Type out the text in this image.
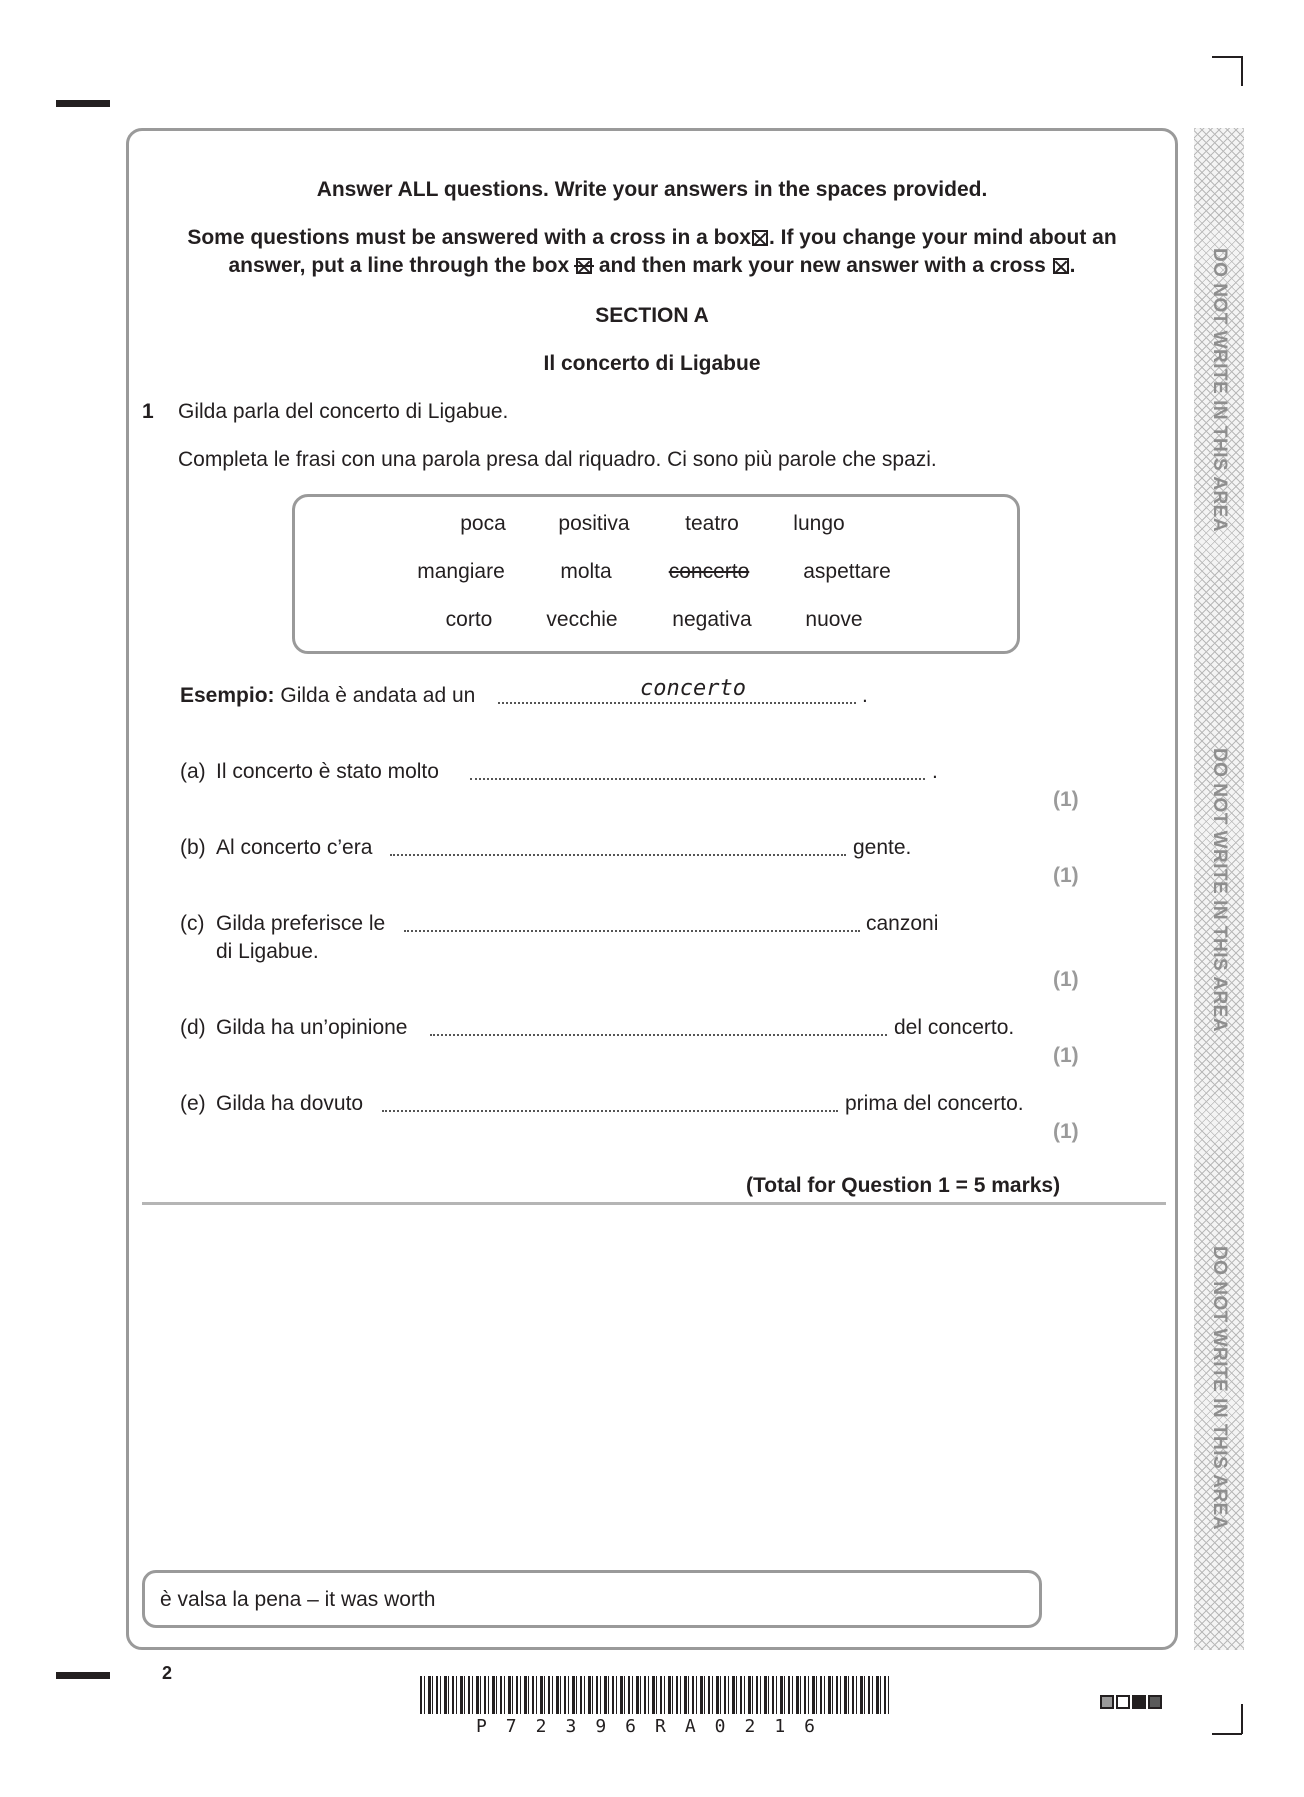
DO NOT WRITE IN THIS AREA
DO NOT WRITE IN THIS AREA
DO NOT WRITE IN THIS AREA
Answer ALL questions. Write your answers in the spaces provided.
Some questions must be answered with a cross in a box☒. If you change your mind about an
answer, put a line through the box and then mark your new answer with a cross ☒.
SECTION A
Il concerto di Ligabue
1 Gilda parla del concerto di Ligabue.
Completa le frasi con una parola presa dal riquadro. Ci sono più parole che spazi.
poca	positiva	teatro	lungo
mangiare	molta	concerto	aspettare
corto	vecchie	negativa	nuove
Esempio: Gilda è andata ad un	concerto	.
(a) Il concerto è stato molto	.
(1)
(b) Al concerto c’era	gente.
(1)
(c) Gilda preferisce le	canzoni
di Ligabue.
(1)
(d) Gilda ha un’opinione	del concerto.
(1)
(e) Gilda ha dovuto	prima del concerto.
(1)
(Total for Question 1 = 5 marks)
è valsa la pena – it was worth
2
P72396RA0216
